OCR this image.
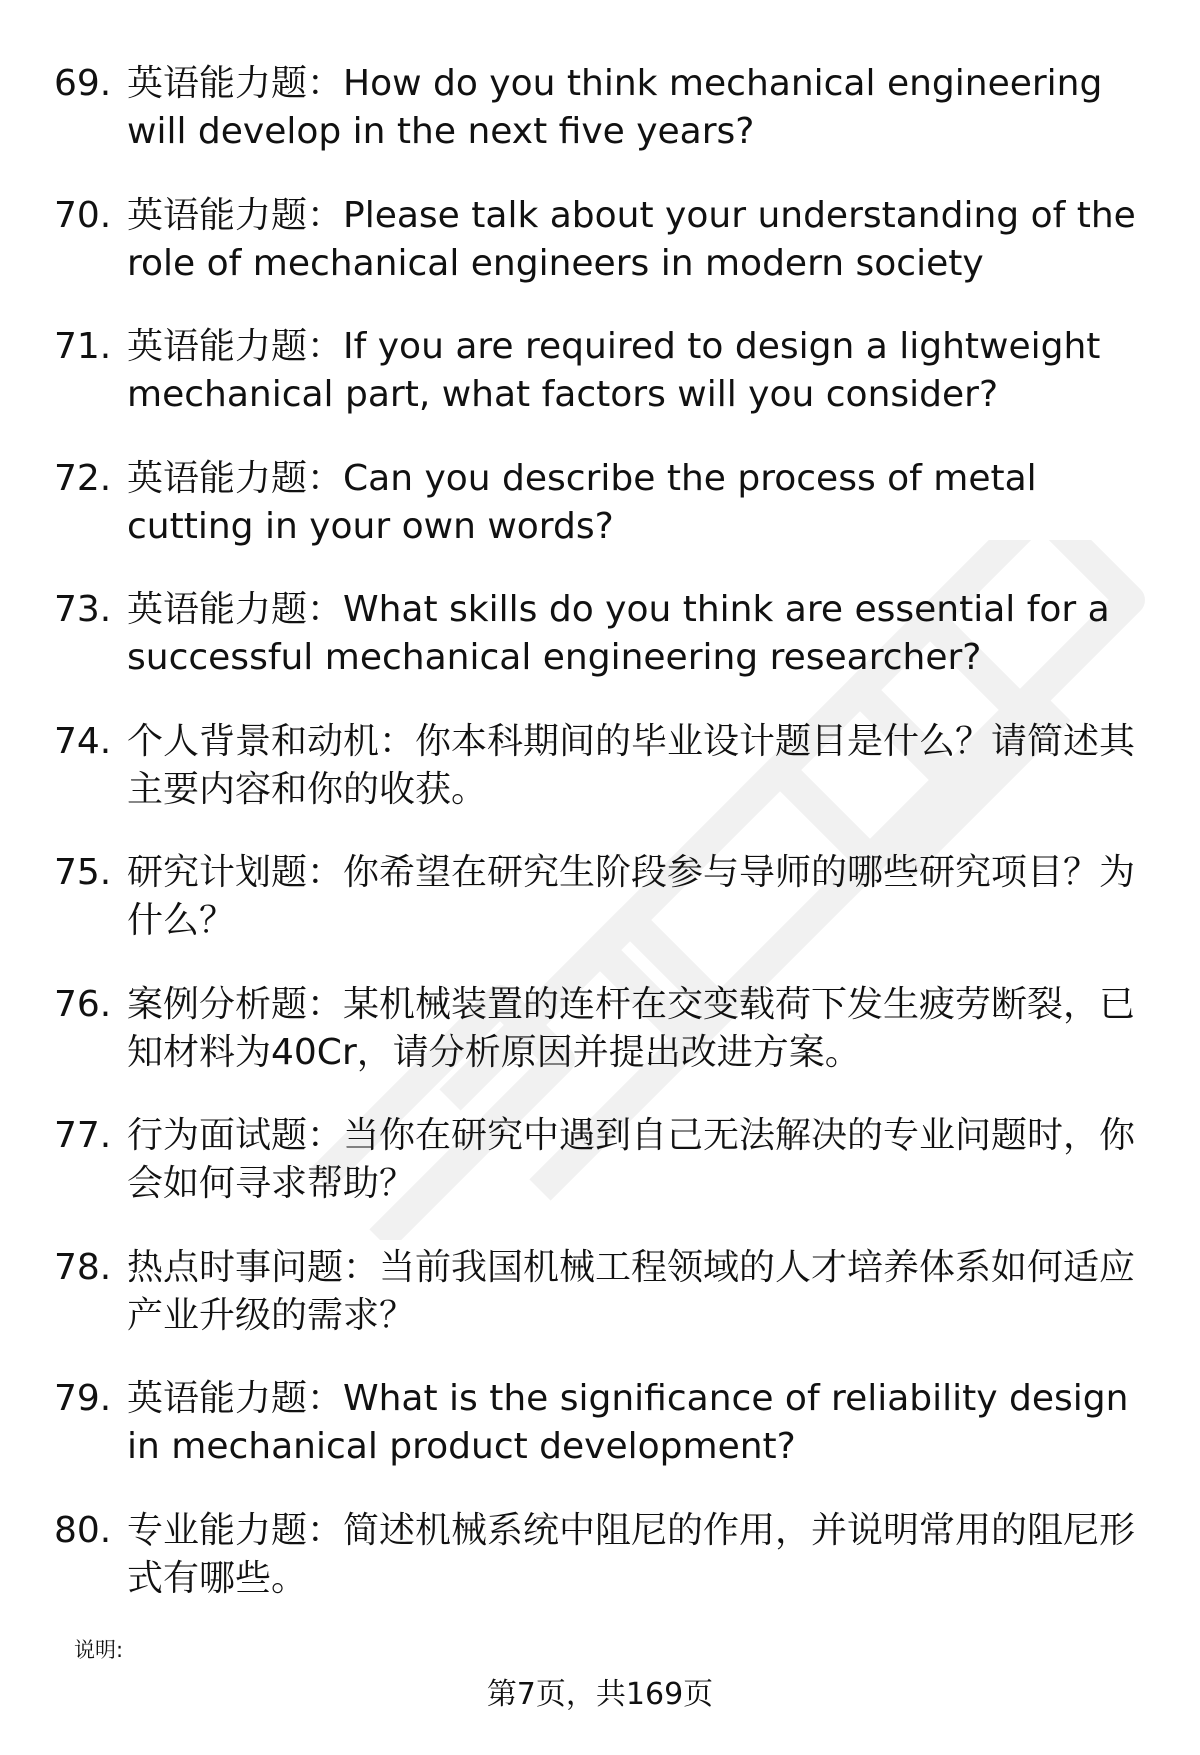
69. 英语能力题：How do you think mechanical engineering will develop in the next five years?
70. 英语能力题：Please talk about your understanding of the role of mechanical engineers in modern society
71. 英语能力题：If you are required to design a lightweight mechanical part, what factors will you consider?
72. 英语能力题：Can you describe the process of metal cutting in your own words?
73. 英语能力题：What skills do you think are essential for a successful mechanical engineering researcher?
74. 个人背景和动机：你本科期间的毕业设计题目是什么？请简述其主要内容和你的收获。
75. 研究计划题：你希望在研究生阶段参与导师的哪些研究项目？为什么？
76. 案例分析题：某机械装置的连杆在交变载荷下发生疲劳断裂，已知材料为40Cr，请分析原因并提出改进方案。
77. 行为面试题：当你在研究中遇到自己无法解决的专业问题时，你会如何寻求帮助？
78. 热点时事问题：当前我国机械工程领域的人才培养体系如何适应产业升级的需求？
79. 英语能力题：What is the significance of reliability design in mechanical product development?
80. 专业能力题：简述机械系统中阻尼的作用，并说明常用的阻尼形式有哪些。
说明:
第7页，共169页
